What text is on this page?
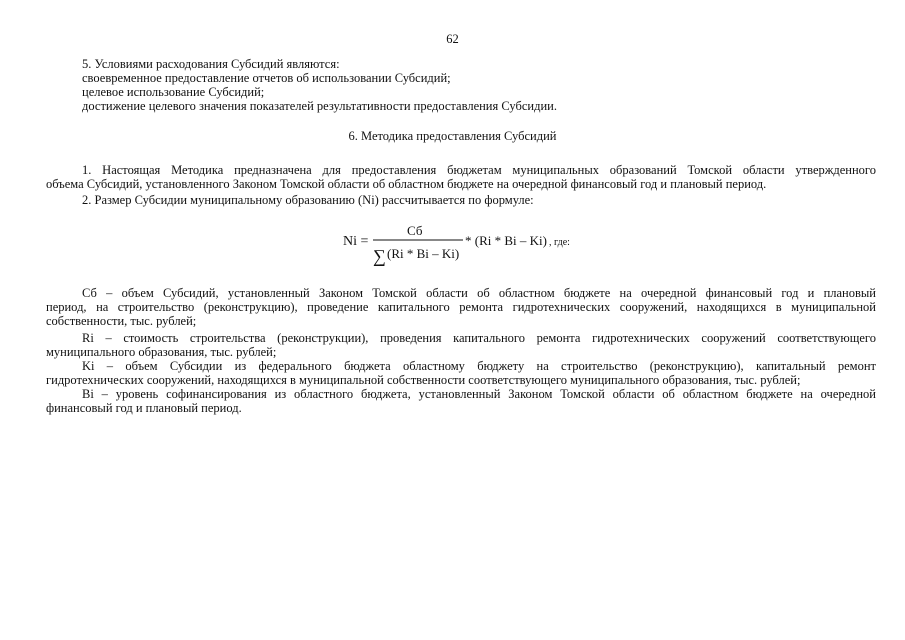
62
5. Условиями расходования Субсидий являются:
своевременное предоставление отчетов об использовании Субсидий;
целевое использование Субсидий;
достижение целевого значения показателей результативности предоставления Субсидии.
6. Методика предоставления Субсидий
1. Настоящая Методика предназначена для предоставления бюджетам муниципальных образований Томской области утвержденного
объема Субсидий, установленного Законом Томской области об областном бюджете на очередной финансовый год и плановый период.
2. Размер Субсидии муниципальному образованию (Ni) рассчитывается по формуле:
Ni =
Сб
∑ (Ri * Bi – Ki)
* (Ri * Bi – Ki) , где:
Сб – объем Субсидий, установленный Законом Томской области об областном бюджете на очередной финансовый год и плановый
период, на строительство (реконструкцию), проведение капитального ремонта гидротехнических сооружений, находящихся в муниципальной
собственности, тыс. рублей;
Ri – стоимость строительства (реконструкции), проведения капитального ремонта гидротехнических сооружений соответствующего
муниципального образования, тыс. рублей;
Ki – объем Субсидии из федерального бюджета областному бюджету на строительство (реконструкцию), капитальный ремонт
гидротехнических сооружений, находящихся в муниципальной собственности соответствующего муниципального образования, тыс. рублей;
Bi – уровень софинансирования из областного бюджета, установленный Законом Томской области об областном бюджете на очередной
финансовый год и плановый период.
